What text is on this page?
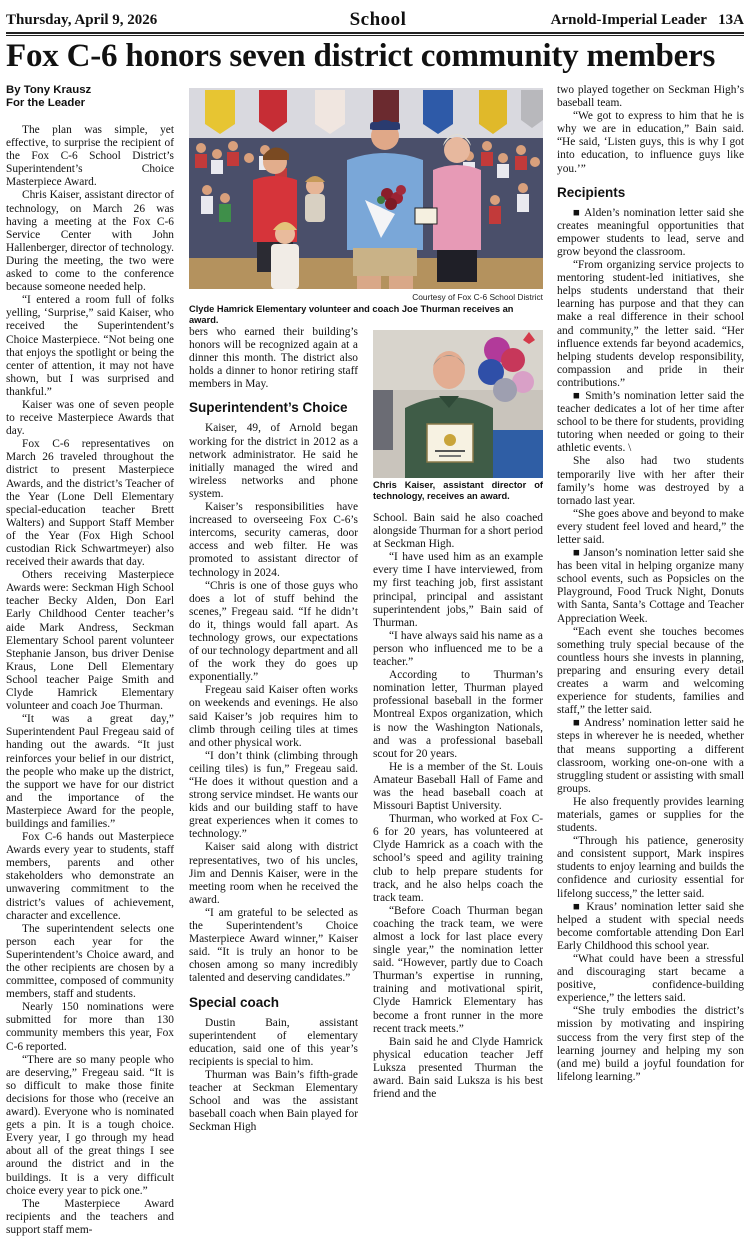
Thursday, April 9, 2026	School	Arnold-Imperial Leader 13A
Fox C-6 honors seven district community members
By Tony Krausz
For the Leader

The plan was simple, yet effective, to surprise the recipient of the Fox C-6 School District’s Superintendent’s Choice Masterpiece Award.

Chris Kaiser, assistant director of technology, on March 26 was having a meeting at the Fox C-6 Service Center with John Hallenberger, director of technology. During the meeting, the two were asked to come to the conference because someone needed help.

“I entered a room full of folks yelling, ‘Surprise,” said Kaiser, who received the Superintendent’s Choice Masterpiece. “Not being one that enjoys the spotlight or being the center of attention, it may not have shown, but I was surprised and thankful.”

Kaiser was one of seven people to receive Masterpiece Awards that day.

Fox C-6 representatives on March 26 traveled throughout the district to present Masterpiece Awards, and the district’s Teacher of the Year (Lone Dell Elementary special-education teacher Brett Walters) and Support Staff Member of the Year (Fox High School custodian Rick Schwartmeyer) also received their awards that day.

Others receiving Masterpiece Awards were: Seckman High School teacher Becky Alden, Don Earl Early Childhood Center teacher’s aide Mark Andress, Seckman Elementary School parent volunteer Stephanie Janson, bus driver Denise Kraus, Lone Dell Elementary School teacher Paige Smith and Clyde Hamrick Elementary volunteer and coach Joe Thurman.

“It was a great day,” Superintendent Paul Fregeau said of handing out the awards. “It just reinforces your belief in our district, the people who make up the district, the support we have for our district and the importance of the Masterpiece Award for the people, buildings and families.”

Fox C-6 hands out Masterpiece Awards every year to students, staff members, parents and other stakeholders who demonstrate an unwavering commitment to the district’s values of achievement, character and excellence.

The superintendent selects one person each year for the Superintendent’s Choice award, and the other recipients are chosen by a committee, composed of community members, staff and students.

Nearly 150 nominations were submitted for more than 130 community members this year, Fox C-6 reported.

“There are so many people who are deserving,” Fregeau said. “It is so difficult to make those finite decisions for those who (receive an award). Everyone who is nominated gets a pin. It is a tough choice. Every year, I go through my head about all of the great things I see around the district and in the buildings. It is a very difficult choice every year to pick one.”

The Masterpiece Award recipients and the teachers and support staff mem-

Courtesy of Fox C-6 School District
Clyde Hamrick Elementary volunteer and coach Joe Thurman receives an award.

bers who earned their building’s honors will be recognized again at a dinner this month. The district also holds a dinner to honor retiring staff members in May.

Superintendent’s Choice

Kaiser, 49, of Arnold began working for the district in 2012 as a network administrator. He said he initially managed the wired and wireless networks and phone system.

Kaiser’s responsibilities have increased to overseeing Fox C-6’s intercoms, security cameras, door access and web filter. He was promoted to assistant director of technology in 2024.

“Chris is one of those guys who does a lot of stuff behind the scenes,” Fregeau said. “If he didn’t do it, things would fall apart. As technology grows, our expectations of our technology department and all of the work they do goes up exponentially.”

Fregeau said Kaiser often works on weekends and evenings. He also said Kaiser’s job requires him to climb through ceiling tiles at times and other physical work.

“I don’t think (climbing through ceiling tiles) is fun,” Fregeau said. “He does it without question and a strong service mindset. He wants our kids and our building staff to have great experiences when it comes to technology.”

Kaiser said along with district representatives, two of his uncles, Jim and Dennis Kaiser, were in the meeting room when he received the award.

“I am grateful to be selected as the Superintendent’s Choice Masterpiece Award winner,” Kaiser said. “It is truly an honor to be chosen among so many incredibly talented and deserving candidates.”

Special coach

Dustin Bain, assistant superintendent of elementary education, said one of this year’s recipients is special to him.

Thurman was Bain’s fifth-grade teacher at Seckman Elementary School and was the assistant baseball coach when Bain played for Seckman High

Chris Kaiser, assistant director of technology, receives an award.

School. Bain said he also coached alongside Thurman for a short period at Seckman High.

“I have used him as an example every time I have interviewed, from my first teaching job, first assistant principal, principal and assistant superintendent jobs,” Bain said of Thurman.

“I have always said his name as a person who influenced me to be a teacher.”

According to Thurman’s nomination letter, Thurman played professional baseball in the former Montreal Expos organization, which is now the Washington Nationals, and was a professional baseball scout for 20 years.

He is a member of the St. Louis Amateur Baseball Hall of Fame and was the head baseball coach at Missouri Baptist University.

Thurman, who worked at Fox C-6 for 20 years, has volunteered at Clyde Hamrick as a coach with the school’s speed and agility training club to help prepare students for track, and he also helps coach the track team.

“Before Coach Thurman began coaching the track team, we were almost a lock for last place every single year,” the nomination letter said. “However, partly due to Coach Thurman’s expertise in running, training and motivational spirit, Clyde Hamrick Elementary has become a front runner in the more recent track meets.”

Bain said he and Clyde Hamrick physical education teacher Jeff Luksza presented Thurman the award. Bain said Luksza is his best friend and the

two played together on Seckman High’s baseball team.

“We got to express to him that he is why we are in education,” Bain said. “He said, ‘Listen guys, this is why I got into education, to influence guys like you.’”

Recipients

■ Alden’s nomination letter said she creates meaningful opportunities that empower students to lead, serve and grow beyond the classroom.

“From organizing service projects to mentoring student-led initiatives, she helps students understand that their learning has purpose and that they can make a real difference in their school and community,” the letter said. “Her influence extends far beyond academics, helping students develop responsibility, compassion and pride in their contributions.”

■ Smith’s nomination letter said the teacher dedicates a lot of her time after school to be there for students, providing tutoring when needed or going to their athletic events. \

She also had two students temporarily live with her after their family’s home was destroyed by a tornado last year.

“She goes above and beyond to make every student feel loved and heard,” the letter said.

■ Janson’s nomination letter said she has been vital in helping organize many school events, such as Popsicles on the Playground, Food Truck Night, Donuts with Santa, Santa’s Cottage and Teacher Appreciation Week.

“Each event she touches becomes something truly special because of the countless hours she invests in planning, preparing and ensuring every detail creates a warm and welcoming experience for students, families and staff,” the letter said.

■ Andress’ nomination letter said he steps in wherever he is needed, whether that means supporting a different classroom, working one-on-one with a struggling student or assisting with small groups.

He also frequently provides learning materials, games or supplies for the students.

“Through his patience, generosity and consistent support, Mark inspires students to enjoy learning and builds the confidence and curiosity essential for lifelong success,” the letter said.

■ Kraus’ nomination letter said she helped a student with special needs become comfortable attending Don Earl Early Childhood this school year.

“What could have been a stressful and discouraging start became a positive, confidence-building experience,” the letters said.

“She truly embodies the district’s mission by motivating and inspiring success from the very first step of the learning journey and helping my son (and me) build a joyful foundation for lifelong learning.”
